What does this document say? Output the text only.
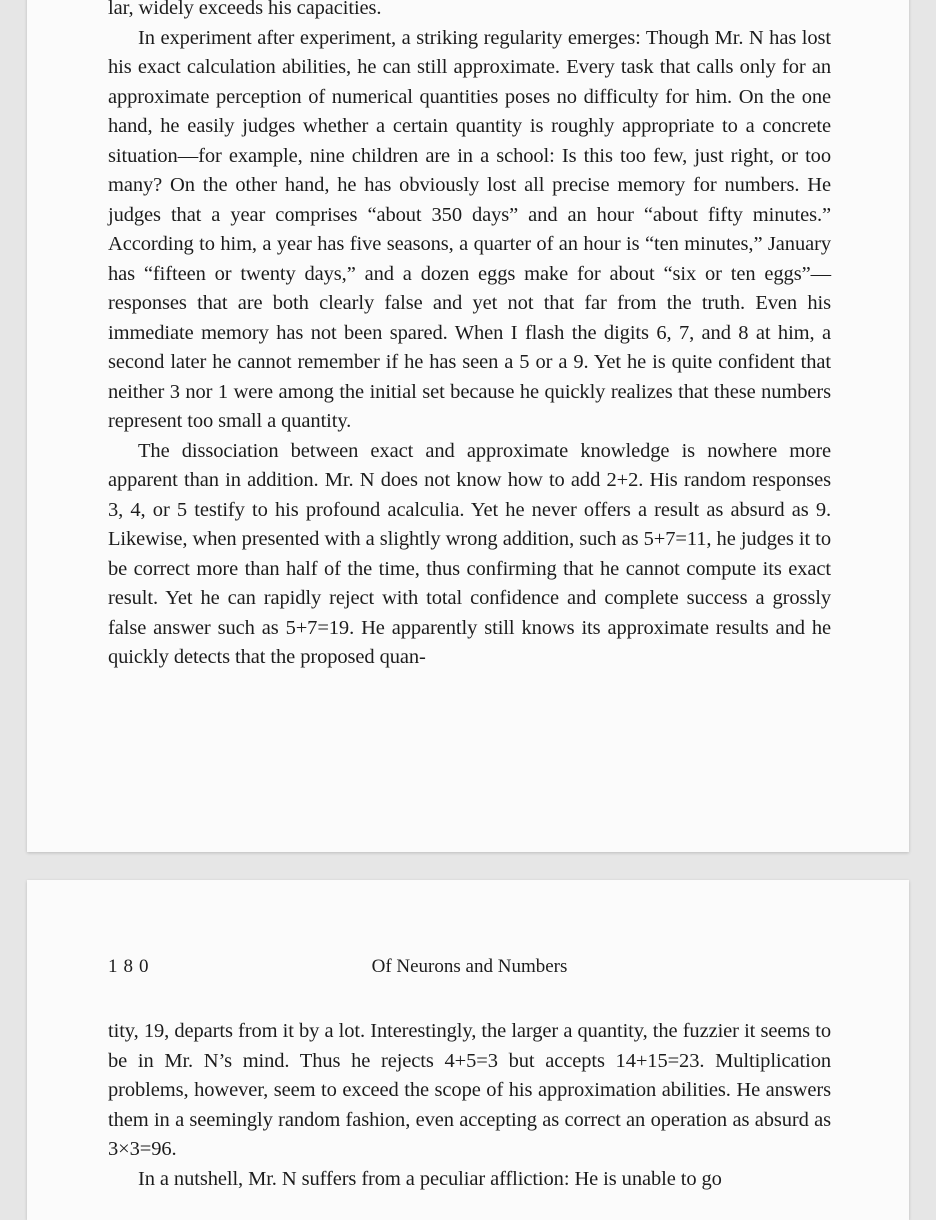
lar, widely exceeds his capacities.

In experiment after experiment, a striking regularity emerges: Though Mr. N has lost his exact calculation abilities, he can still approximate. Every task that calls only for an approximate perception of numerical quantities poses no difficulty for him. On the one hand, he easily judges whether a certain quantity is roughly appropriate to a concrete situation—for example, nine children are in a school: Is this too few, just right, or too many? On the other hand, he has obviously lost all precise memory for numbers. He judges that a year comprises “about 350 days” and an hour “about fifty minutes.” According to him, a year has five seasons, a quarter of an hour is “ten minutes,” January has “fifteen or twenty days,” and a dozen eggs make for about “six or ten eggs”—responses that are both clearly false and yet not that far from the truth. Even his immediate memory has not been spared. When I flash the digits 6, 7, and 8 at him, a second later he cannot remember if he has seen a 5 or a 9. Yet he is quite confident that neither 3 nor 1 were among the initial set because he quickly realizes that these numbers represent too small a quantity.

The dissociation between exact and approximate knowledge is nowhere more apparent than in addition. Mr. N does not know how to add 2+2. His random responses 3, 4, or 5 testify to his profound acalculia. Yet he never offers a result as absurd as 9. Likewise, when presented with a slightly wrong addition, such as 5+7=11, he judges it to be correct more than half of the time, thus confirming that he cannot compute its exact result. Yet he can rapidly reject with total confidence and complete success a grossly false answer such as 5+7=19. He apparently still knows its approximate results and he quickly detects that the proposed quan-

180	Of Neurons and Numbers

tity, 19, departs from it by a lot. Interestingly, the larger a quantity, the fuzzier it seems to be in Mr. N’s mind. Thus he rejects 4+5=3 but accepts 14+15=23. Multiplication problems, however, seem to exceed the scope of his approximation abilities. He answers them in a seemingly random fashion, even accepting as correct an operation as absurd as 3×3=96.

In a nutshell, Mr. N suffers from a peculiar affliction: He is unable to go
